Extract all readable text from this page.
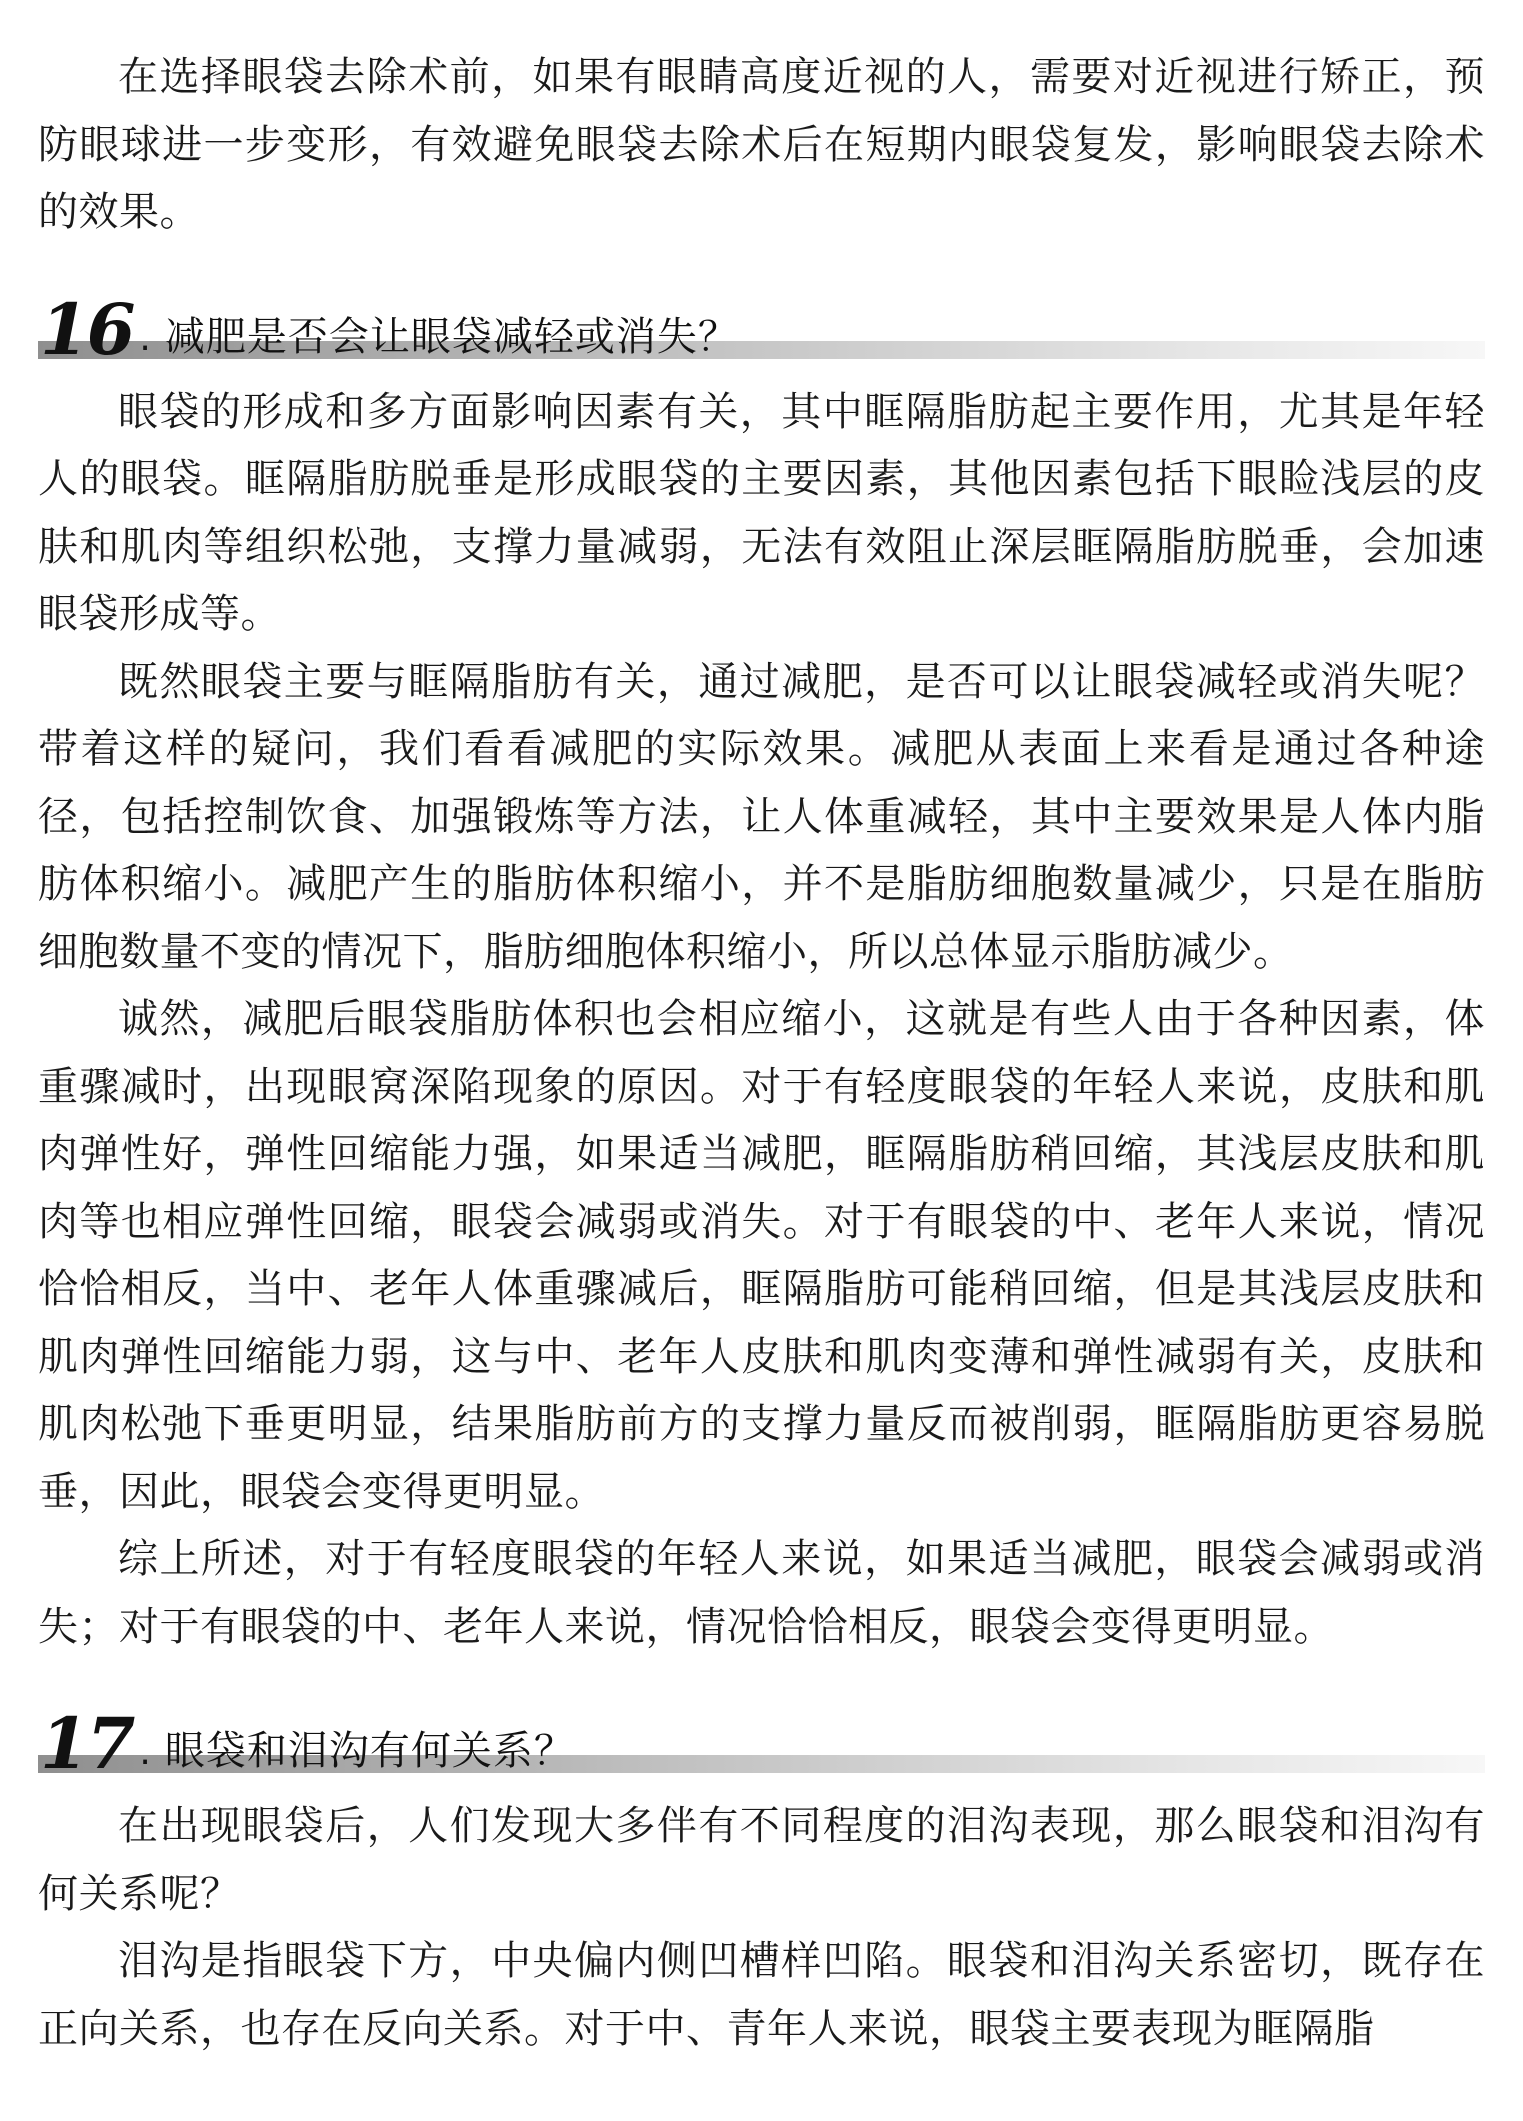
在选择眼袋去除术前，如果有眼睛高度近视的人，需要对近视进行矫正，预防眼球进一步变形，有效避免眼袋去除术后在短期内眼袋复发，影响眼袋去除术的效果。

16 . 减肥是否会让眼袋减轻或消失？

眼袋的形成和多方面影响因素有关，其中眶隔脂肪起主要作用，尤其是年轻人的眼袋。眶隔脂肪脱垂是形成眼袋的主要因素，其他因素包括下眼睑浅层的皮肤和肌肉等组织松弛，支撑力量减弱，无法有效阻止深层眶隔脂肪脱垂，会加速眼袋形成等。

既然眼袋主要与眶隔脂肪有关，通过减肥，是否可以让眼袋减轻或消失呢？带着这样的疑问，我们看看减肥的实际效果。减肥从表面上来看是通过各种途径，包括控制饮食、加强锻炼等方法，让人体重减轻，其中主要效果是人体内脂肪体积缩小。减肥产生的脂肪体积缩小，并不是脂肪细胞数量减少，只是在脂肪细胞数量不变的情况下，脂肪细胞体积缩小，所以总体显示脂肪减少。

诚然，减肥后眼袋脂肪体积也会相应缩小，这就是有些人由于各种因素，体重骤减时，出现眼窝深陷现象的原因。对于有轻度眼袋的年轻人来说，皮肤和肌肉弹性好，弹性回缩能力强，如果适当减肥，眶隔脂肪稍回缩，其浅层皮肤和肌肉等也相应弹性回缩，眼袋会减弱或消失。对于有眼袋的中、老年人来说，情况恰恰相反，当中、老年人体重骤减后，眶隔脂肪可能稍回缩，但是其浅层皮肤和肌肉弹性回缩能力弱，这与中、老年人皮肤和肌肉变薄和弹性减弱有关，皮肤和肌肉松弛下垂更明显，结果脂肪前方的支撑力量反而被削弱，眶隔脂肪更容易脱垂，因此，眼袋会变得更明显。

综上所述，对于有轻度眼袋的年轻人来说，如果适当减肥，眼袋会减弱或消失；对于有眼袋的中、老年人来说，情况恰恰相反，眼袋会变得更明显。

17 . 眼袋和泪沟有何关系？

在出现眼袋后，人们发现大多伴有不同程度的泪沟表现，那么眼袋和泪沟有何关系呢？

泪沟是指眼袋下方，中央偏内侧凹槽样凹陷。眼袋和泪沟关系密切，既存在正向关系，也存在反向关系。对于中、青年人来说，眼袋主要表现为眶隔脂
